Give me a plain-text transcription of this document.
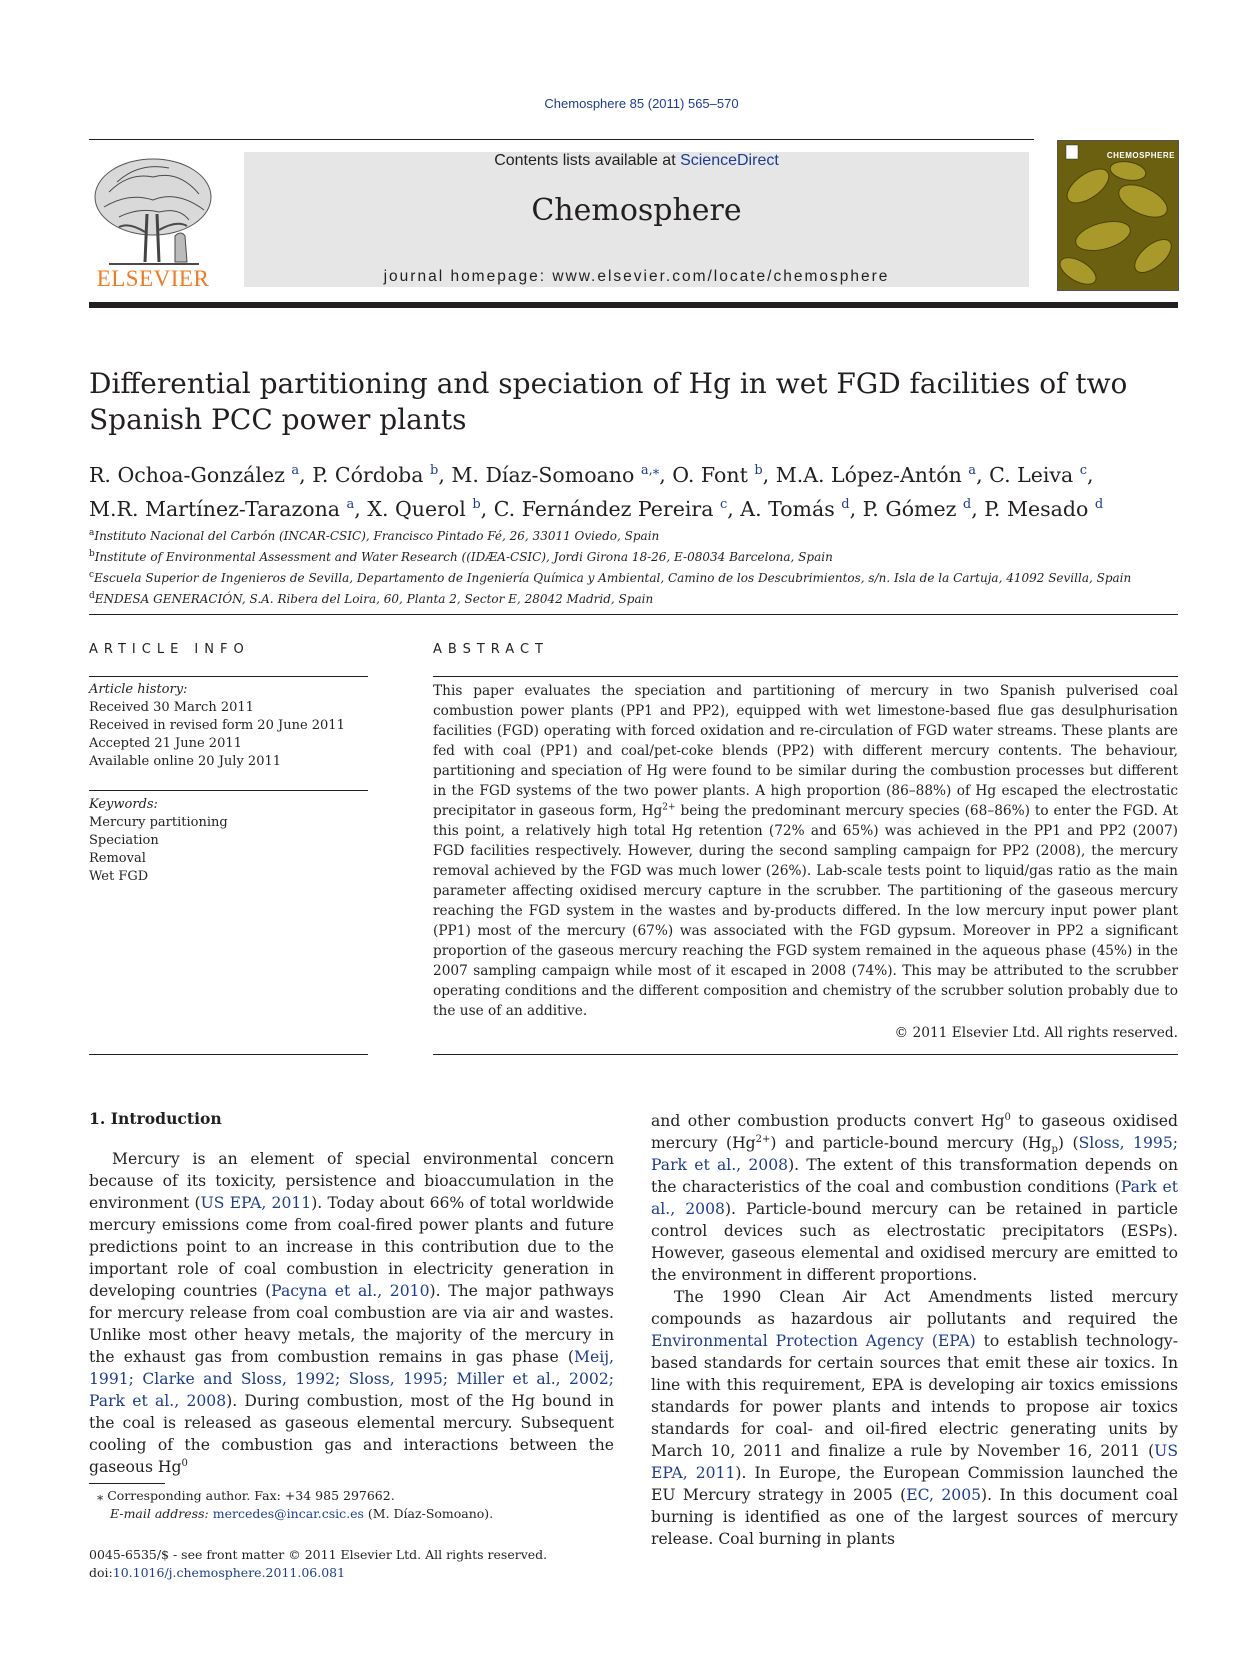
Chemosphere 85 (2011) 565–570
ELSEVIER
Contents lists available at ScienceDirect
Chemosphere
journal homepage: www.elsevier.com/locate/chemosphere
CHEMOSPHERE
Differential partitioning and speciation of Hg in wet FGD facilities of two Spanish PCC power plants
R. Ochoa-González $^a$, P. Córdoba $^b$, M. Díaz-Somoano $^{a,⁎}$, O. Font $^b$, M.A. López-Antón $^a$, C. Leiva $^c$,
M.R. Martínez-Tarazona $^a$, X. Querol $^b$, C. Fernández Pereira $^c$, A. Tomás $^d$, P. Gómez $^d$, P. Mesado $^d$
$^a$Instituto Nacional del Carbón (INCAR-CSIC), Francisco Pintado Fé, 26, 33011 Oviedo, Spain
$^b$Institute of Environmental Assessment and Water Research ((IDÆA-CSIC), Jordi Girona 18-26, E-08034 Barcelona, Spain
$^c$Escuela Superior de Ingenieros de Sevilla, Departamento de Ingeniería Química y Ambiental, Camino de los Descubrimientos, s/n. Isla de la Cartuja, 41092 Sevilla, Spain
$^d$ENDESA GENERACIÓN, S.A. Ribera del Loira, 60, Planta 2, Sector E, 28042 Madrid, Spain
ARTICLE INFO	ABSTRACT
Article history:
Received 30 March 2011
Received in revised form 20 June 2011
Accepted 21 June 2011
Available online 20 July 2011
Keywords:
Mercury partitioning
Speciation
Removal
Wet FGD
This paper evaluates the speciation and partitioning of mercury in two Spanish pulverised coal combustion power plants (PP1 and PP2), equipped with wet limestone-based flue gas desulphurisation facilities (FGD) operating with forced oxidation and re-circulation of FGD water streams. These plants are fed with coal (PP1) and coal/pet-coke blends (PP2) with different mercury contents. The behaviour, partitioning and speciation of Hg were found to be similar during the combustion processes but different in the FGD systems of the two power plants. A high proportion (86–88%) of Hg escaped the electrostatic precipitator in gaseous form, $Hg^{2+}$ being the predominant mercury species (68–86%) to enter the FGD. At this point, a relatively high total Hg retention (72% and 65%) was achieved in the PP1 and PP2 (2007) FGD facilities respectively. However, during the second sampling campaign for PP2 (2008), the mercury removal achieved by the FGD was much lower (26%). Lab-scale tests point to liquid/gas ratio as the main parameter affecting oxidised mercury capture in the scrubber. The partitioning of the gaseous mercury reaching the FGD system in the wastes and by-products differed. In the low mercury input power plant (PP1) most of the mercury (67%) was associated with the FGD gypsum. Moreover in PP2 a significant proportion of the gaseous mercury reaching the FGD system remained in the aqueous phase (45%) in the 2007 sampling campaign while most of it escaped in 2008 (74%). This may be attributed to the scrubber operating conditions and the different composition and chemistry of the scrubber solution probably due to the use of an additive.
© 2011 Elsevier Ltd. All rights reserved.
1. Introduction
Mercury is an element of special environmental concern because of its toxicity, persistence and bioaccumulation in the environment (US EPA, 2011). Today about 66% of total worldwide mercury emissions come from coal-fired power plants and future predictions point to an increase in this contribution due to the important role of coal combustion in electricity generation in developing countries (Pacyna et al., 2010). The major pathways for mercury release from coal combustion are via air and wastes. Unlike most other heavy metals, the majority of the mercury in the exhaust gas from combustion remains in gas phase (Meij, 1991; Clarke and Sloss, 1992; Sloss, 1995; Miller et al., 2002; Park et al., 2008). During combustion, most of the Hg bound in the coal is released as gaseous elemental mercury. Subsequent cooling of the combustion gas and interactions between the gaseous Hg$^0$

and other combustion products convert Hg$^0$ to gaseous oxidised mercury $(Hg^{2+})$ and particle-bound mercury $(Hg_p)$ (Sloss, 1995; Park et al., 2008). The extent of this transformation depends on the characteristics of the coal and combustion conditions (Park et al., 2008). Particle-bound mercury can be retained in particle control devices such as electrostatic precipitators (ESPs). However, gaseous elemental and oxidised mercury are emitted to the environment in different proportions.

The 1990 Clean Air Act Amendments listed mercury compounds as hazardous air pollutants and required the Environmental Protection Agency (EPA) to establish technology-based standards for certain sources that emit these air toxics. In line with this requirement, EPA is developing air toxics emissions standards for power plants and intends to propose air toxics standards for coal- and oil-fired electric generating units by March 10, 2011 and finalize a rule by November 16, 2011 (US EPA, 2011). In Europe, the European Commission launched the EU Mercury strategy in 2005 (EC, 2005). In this document coal burning is identified as one of the largest sources of mercury release. Coal burning in plants

⁎ Corresponding author. Fax: +34 985 297662.
E-mail address: mercedes@incar.csic.es (M. Díaz-Somoano).
0045-6535/$ - see front matter © 2011 Elsevier Ltd. All rights reserved.
doi:10.1016/j.chemosphere.2011.06.081
